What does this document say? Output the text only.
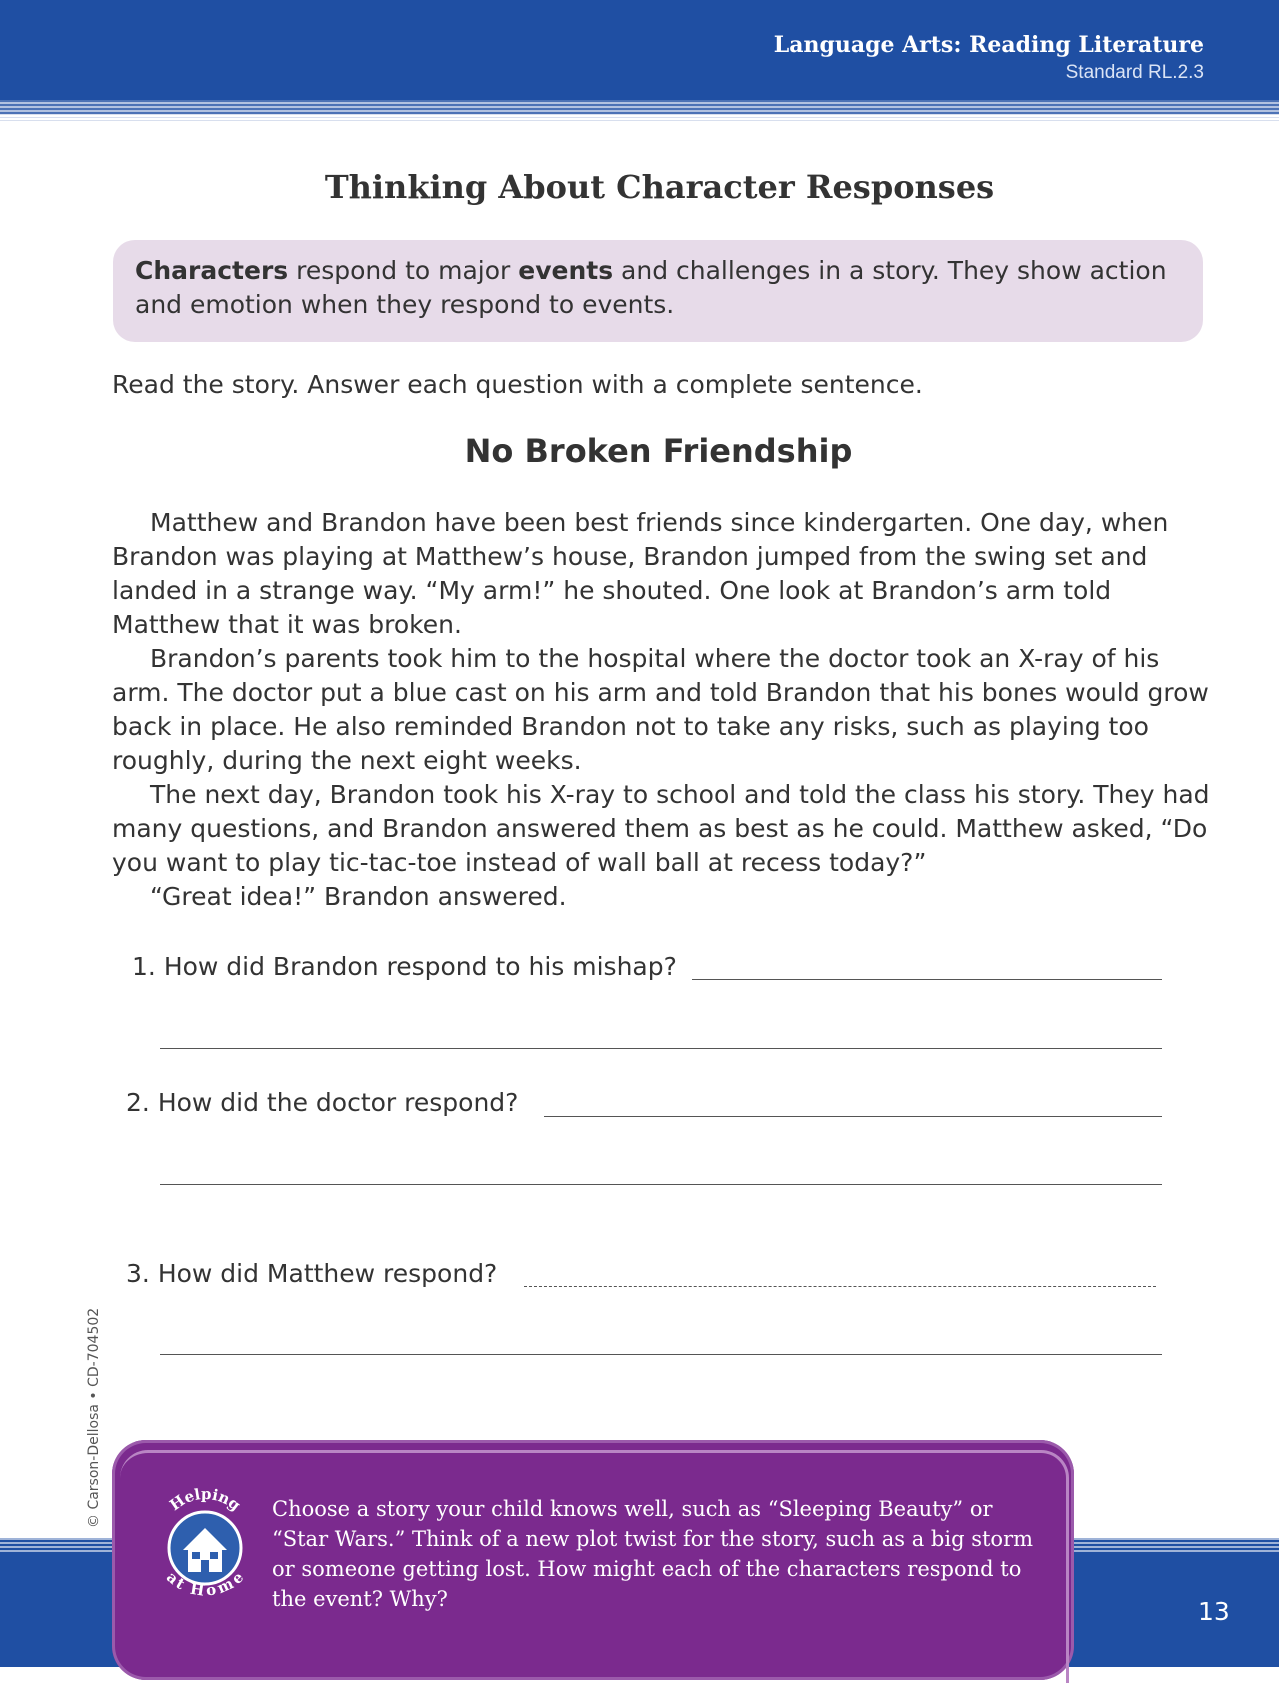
Language Arts: Reading Literature
Standard RL.2.3
Thinking About Character Responses
Characters respond to major events and challenges in a story. They show action and emotion when they respond to events.
Read the story. Answer each question with a complete sentence.
No Broken Friendship

Matthew and Brandon have been best friends since kindergarten. One day, when Brandon was playing at Matthew’s house, Brandon jumped from the swing set and landed in a strange way. “My arm!” he shouted. One look at Brandon’s arm told Matthew that it was broken.

Brandon’s parents took him to the hospital where the doctor took an X-ray of his arm. The doctor put a blue cast on his arm and told Brandon that his bones would grow back in place. He also reminded Brandon not to take any risks, such as playing too roughly, during the next eight weeks.

The next day, Brandon took his X-ray to school and told the class his story. They had many questions, and Brandon answered them as best as he could. Matthew asked, “Do you want to play tic-tac-toe instead of wall ball at recess today?”

“Great idea!” Brandon answered.

1. How did Brandon respond to his mishap?
2. How did the doctor respond?
3. How did Matthew respond?
© Carson-Dellosa • CD-704502
13
Helping
at Home
Choose a story your child knows well, such as “Sleeping Beauty” or “Star Wars.” Think of a new plot twist for the story, such as a big storm or someone getting lost. How might each of the characters respond to the event? Why?
